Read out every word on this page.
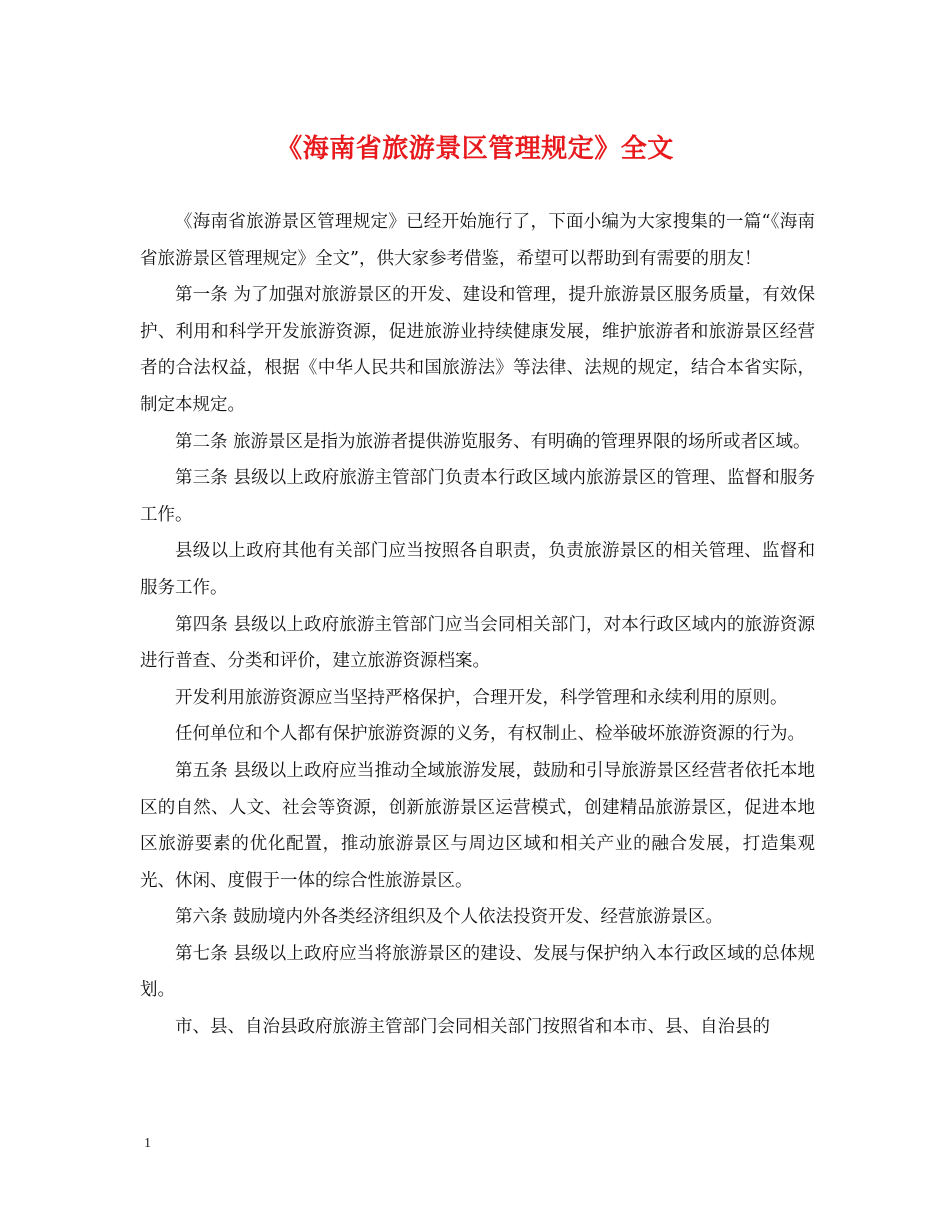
《海南省旅游景区管理规定》全文

《海南省旅游景区管理规定》已经开始施行了，下面小编为大家搜集的一篇“《海南省旅游景区管理规定》全文”，供大家参考借鉴，希望可以帮助到有需要的朋友！

第一条 为了加强对旅游景区的开发、建设和管理，提升旅游景区服务质量，有效保护、利用和科学开发旅游资源，促进旅游业持续健康发展，维护旅游者和旅游景区经营者的合法权益，根据《中华人民共和国旅游法》等法律、法规的规定，结合本省实际，制定本规定。

第二条 旅游景区是指为旅游者提供游览服务、有明确的管理界限的场所或者区域。

第三条 县级以上政府旅游主管部门负责本行政区域内旅游景区的管理、监督和服务工作。

县级以上政府其他有关部门应当按照各自职责，负责旅游景区的相关管理、监督和服务工作。

第四条 县级以上政府旅游主管部门应当会同相关部门，对本行政区域内的旅游资源进行普查、分类和评价，建立旅游资源档案。

开发利用旅游资源应当坚持严格保护，合理开发，科学管理和永续利用的原则。

任何单位和个人都有保护旅游资源的义务，有权制止、检举破坏旅游资源的行为。

第五条 县级以上政府应当推动全域旅游发展，鼓励和引导旅游景区经营者依托本地区的自然、人文、社会等资源，创新旅游景区运营模式，创建精品旅游景区，促进本地区旅游要素的优化配置，推动旅游景区与周边区域和相关产业的融合发展，打造集观光、休闲、度假于一体的综合性旅游景区。

第六条 鼓励境内外各类经济组织及个人依法投资开发、经营旅游景区。

第七条 县级以上政府应当将旅游景区的建设、发展与保护纳入本行政区域的总体规划。

市、县、自治县政府旅游主管部门会同相关部门按照省和本市、县、自治县的

1
